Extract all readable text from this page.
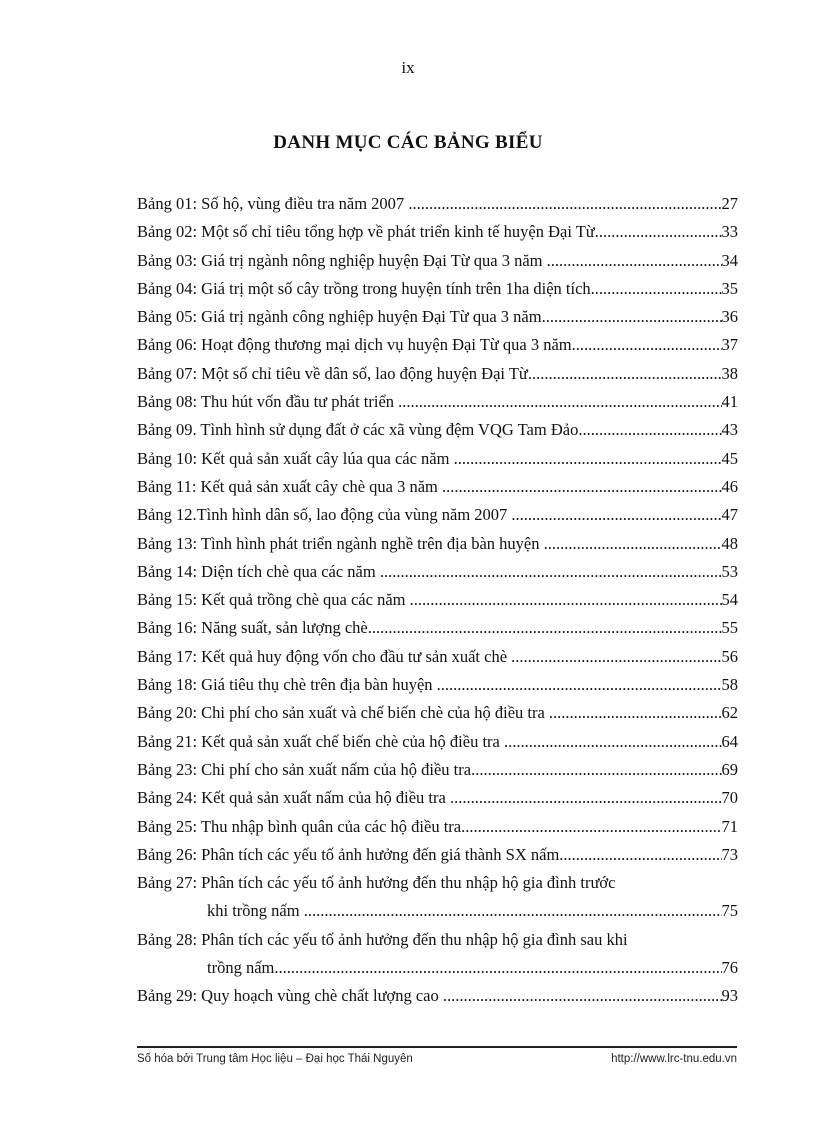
ix
DANH MỤC CÁC BẢNG BIỂU
Bảng 01: Số hộ, vùng điều tra năm 2007 .....	27
Bảng 02: Một số chỉ tiêu tổng hợp về phát triển kinh tế huyện Đại Từ .....	33
Bảng 03: Giá trị ngành nông nghiệp huyện Đại Từ qua 3 năm .....	34
Bảng 04: Giá trị một số cây trồng trong huyện tính trên 1ha diện tích .....	35
Bảng 05: Giá trị ngành công nghiệp huyện Đại Từ qua 3 năm .....	36
Bảng 06: Hoạt động thương mại dịch vụ huyện Đại Từ qua 3 năm .....	37
Bảng 07: Một số chỉ tiêu về dân số, lao động huyện Đại Từ .....	38
Bảng 08: Thu hút vốn đầu tư phát triển .....	41
Bảng 09. Tình hình sử dụng đất ở các xã vùng đệm VQG Tam Đảo .....	43
Bảng 10: Kết quả sản xuất cây lúa qua các năm .....	45
Bảng 11: Kết quả sản xuất cây chè qua 3 năm .....	46
Bảng 12.Tình hình dân số, lao động của vùng năm 2007 .....	47
Bảng 13: Tình hình phát triển ngành nghề trên địa bàn huyện .....	48
Bảng 14: Diện tích chè qua các năm .....	53
Bảng 15: Kết quả trồng chè qua các năm .....	54
Bảng 16: Năng suất, sản lượng chè .....	55
Bảng 17: Kết quả huy động vốn cho đầu tư sản xuất chè .....	56
Bảng 18: Giá tiêu thụ chè trên địa bàn huyện .....	58
Bảng 20: Chi phí cho sản xuất và chế biến chè của hộ điều tra .....	62
Bảng 21: Kết quả sản xuất chế biến chè của hộ điều tra .....	64
Bảng 23: Chi phí cho sản xuất nấm của hộ điều tra .....	69
Bảng 24: Kết quả sản xuất nấm của hộ điều tra .....	70
Bảng 25: Thu nhập bình quân của các hộ điều tra .....	71
Bảng 26: Phân tích các yếu tố ảnh hưởng đến giá thành SX nấm .....	73
Bảng 27: Phân tích các yếu tố ảnh hưởng đến thu nhập hộ gia đình trước
khi trồng nấm .....	75
Bảng 28: Phân tích các yếu tố ảnh hưởng đến thu nhập hộ gia đình sau khi
trồng nấm .....	76
Bảng 29: Quy hoạch vùng chè chất lượng cao .....	93
Số hóa bởi Trung tâm Học liệu – Đại học Thái Nguyên	http://www.lrc-tnu.edu.vn
